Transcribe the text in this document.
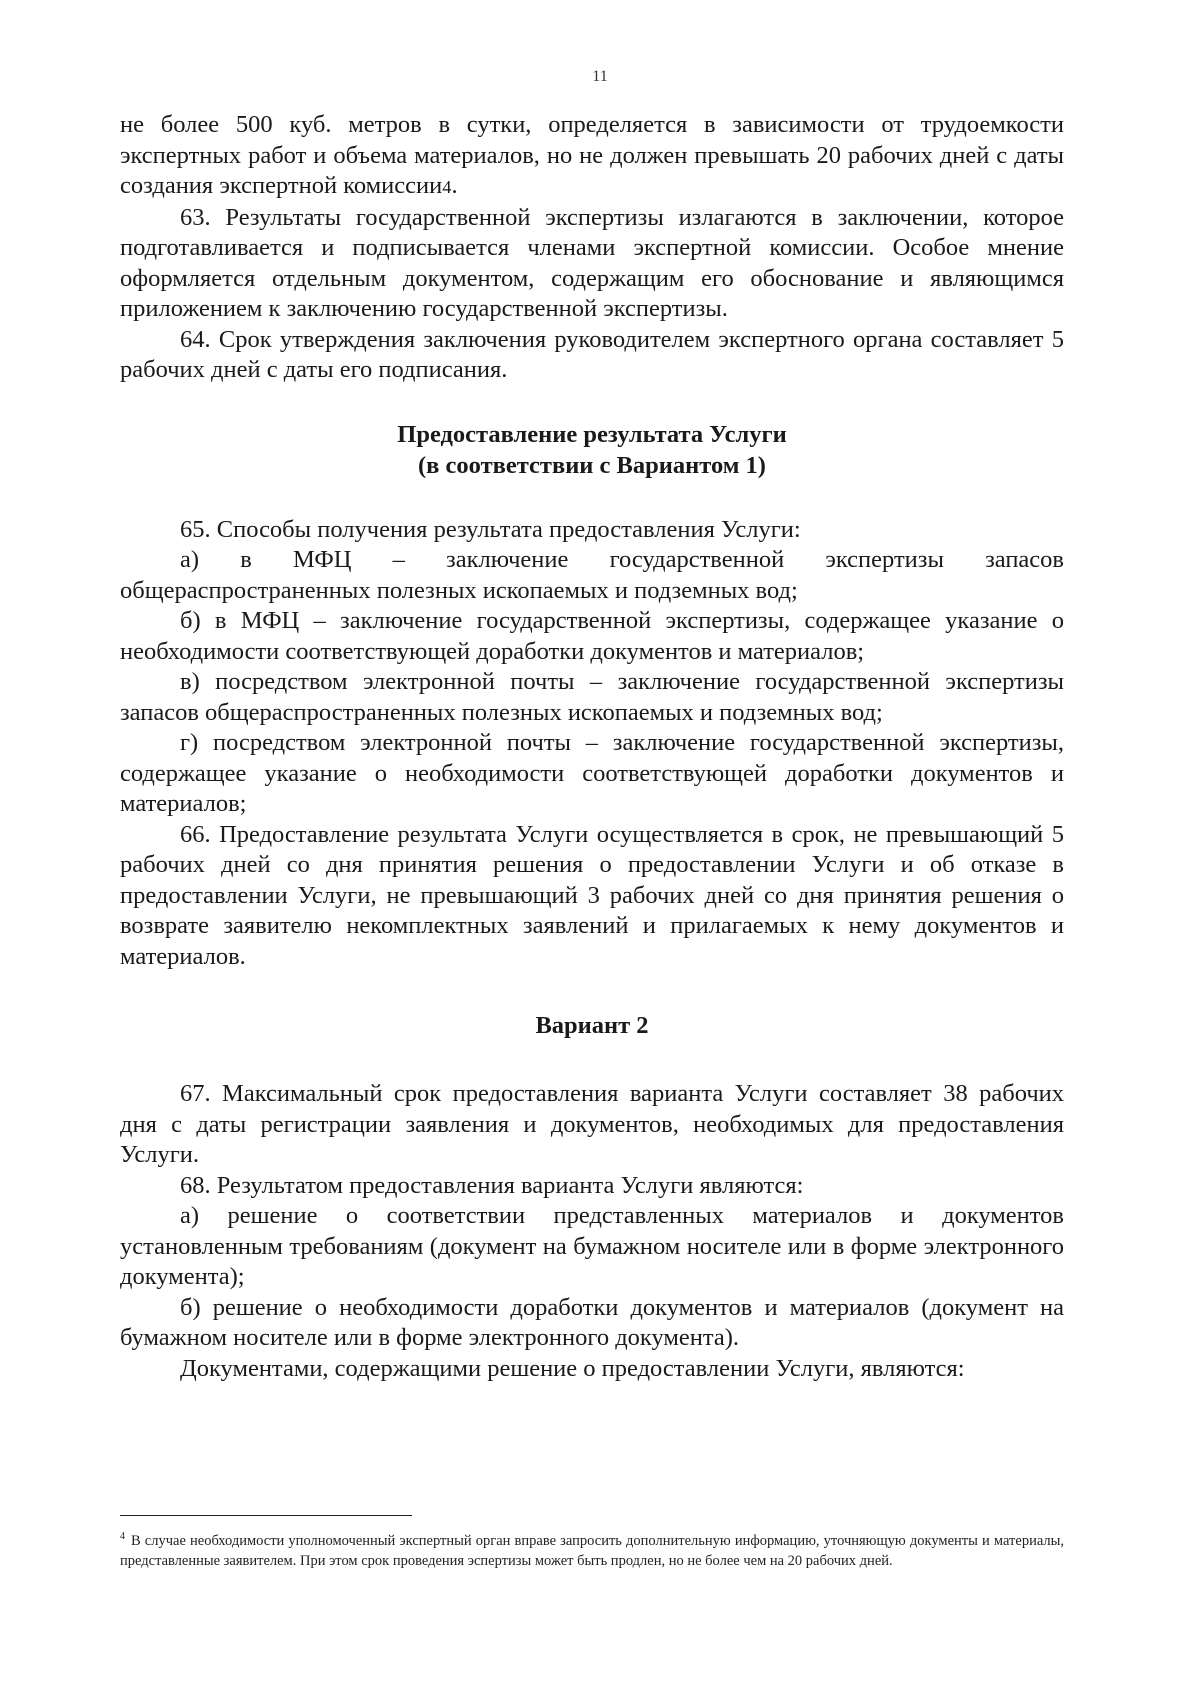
11

не более 500 куб. метров в сутки, определяется в зависимости от трудоемкости экспертных работ и объема материалов, но не должен превышать 20 рабочих дней с даты создания экспертной комиссии4.

63. Результаты государственной экспертизы излагаются в заключении, которое подготавливается и подписывается членами экспертной комиссии. Особое мнение оформляется отдельным документом, содержащим его обоснование и являющимся приложением к заключению государственной экспертизы.

64. Срок утверждения заключения руководителем экспертного органа составляет 5 рабочих дней с даты его подписания.

Предоставление результата Услуги

(в соответствии с Вариантом 1)

65. Способы получения результата предоставления Услуги:

а) в МФЦ – заключение государственной экспертизы запасов общераспространенных полезных ископаемых и подземных вод;

б) в МФЦ – заключение государственной экспертизы, содержащее указание о необходимости соответствующей доработки документов и материалов;

в) посредством электронной почты – заключение государственной экспертизы запасов общераспространенных полезных ископаемых и подземных вод;

г) посредством электронной почты – заключение государственной экспертизы, содержащее указание о необходимости соответствующей доработки документов и материалов;

66. Предоставление результата Услуги осуществляется в срок, не превышающий 5 рабочих дней со дня принятия решения о предоставлении Услуги и об отказе в предоставлении Услуги, не превышающий 3 рабочих дней со дня принятия решения о возврате заявителю некомплектных заявлений и прилагаемых к нему документов и материалов.

Вариант 2

67. Максимальный срок предоставления варианта Услуги составляет 38 рабочих дня с даты регистрации заявления и документов, необходимых для предоставления Услуги.

68. Результатом предоставления варианта Услуги являются:

а) решение о соответствии представленных материалов и документов установленным требованиям (документ на бумажном носителе или в форме электронного документа);

б) решение о необходимости доработки документов и материалов (документ на бумажном носителе или в форме электронного документа).

Документами, содержащими решение о предоставлении Услуги, являются:

$^4$ В случае необходимости уполномоченный экспертный орган вправе запросить дополнительную информацию, уточняющую документы и материалы, представленные заявителем. При этом срок проведения эспертизы может быть продлен, но не более чем на 20 рабочих дней.
